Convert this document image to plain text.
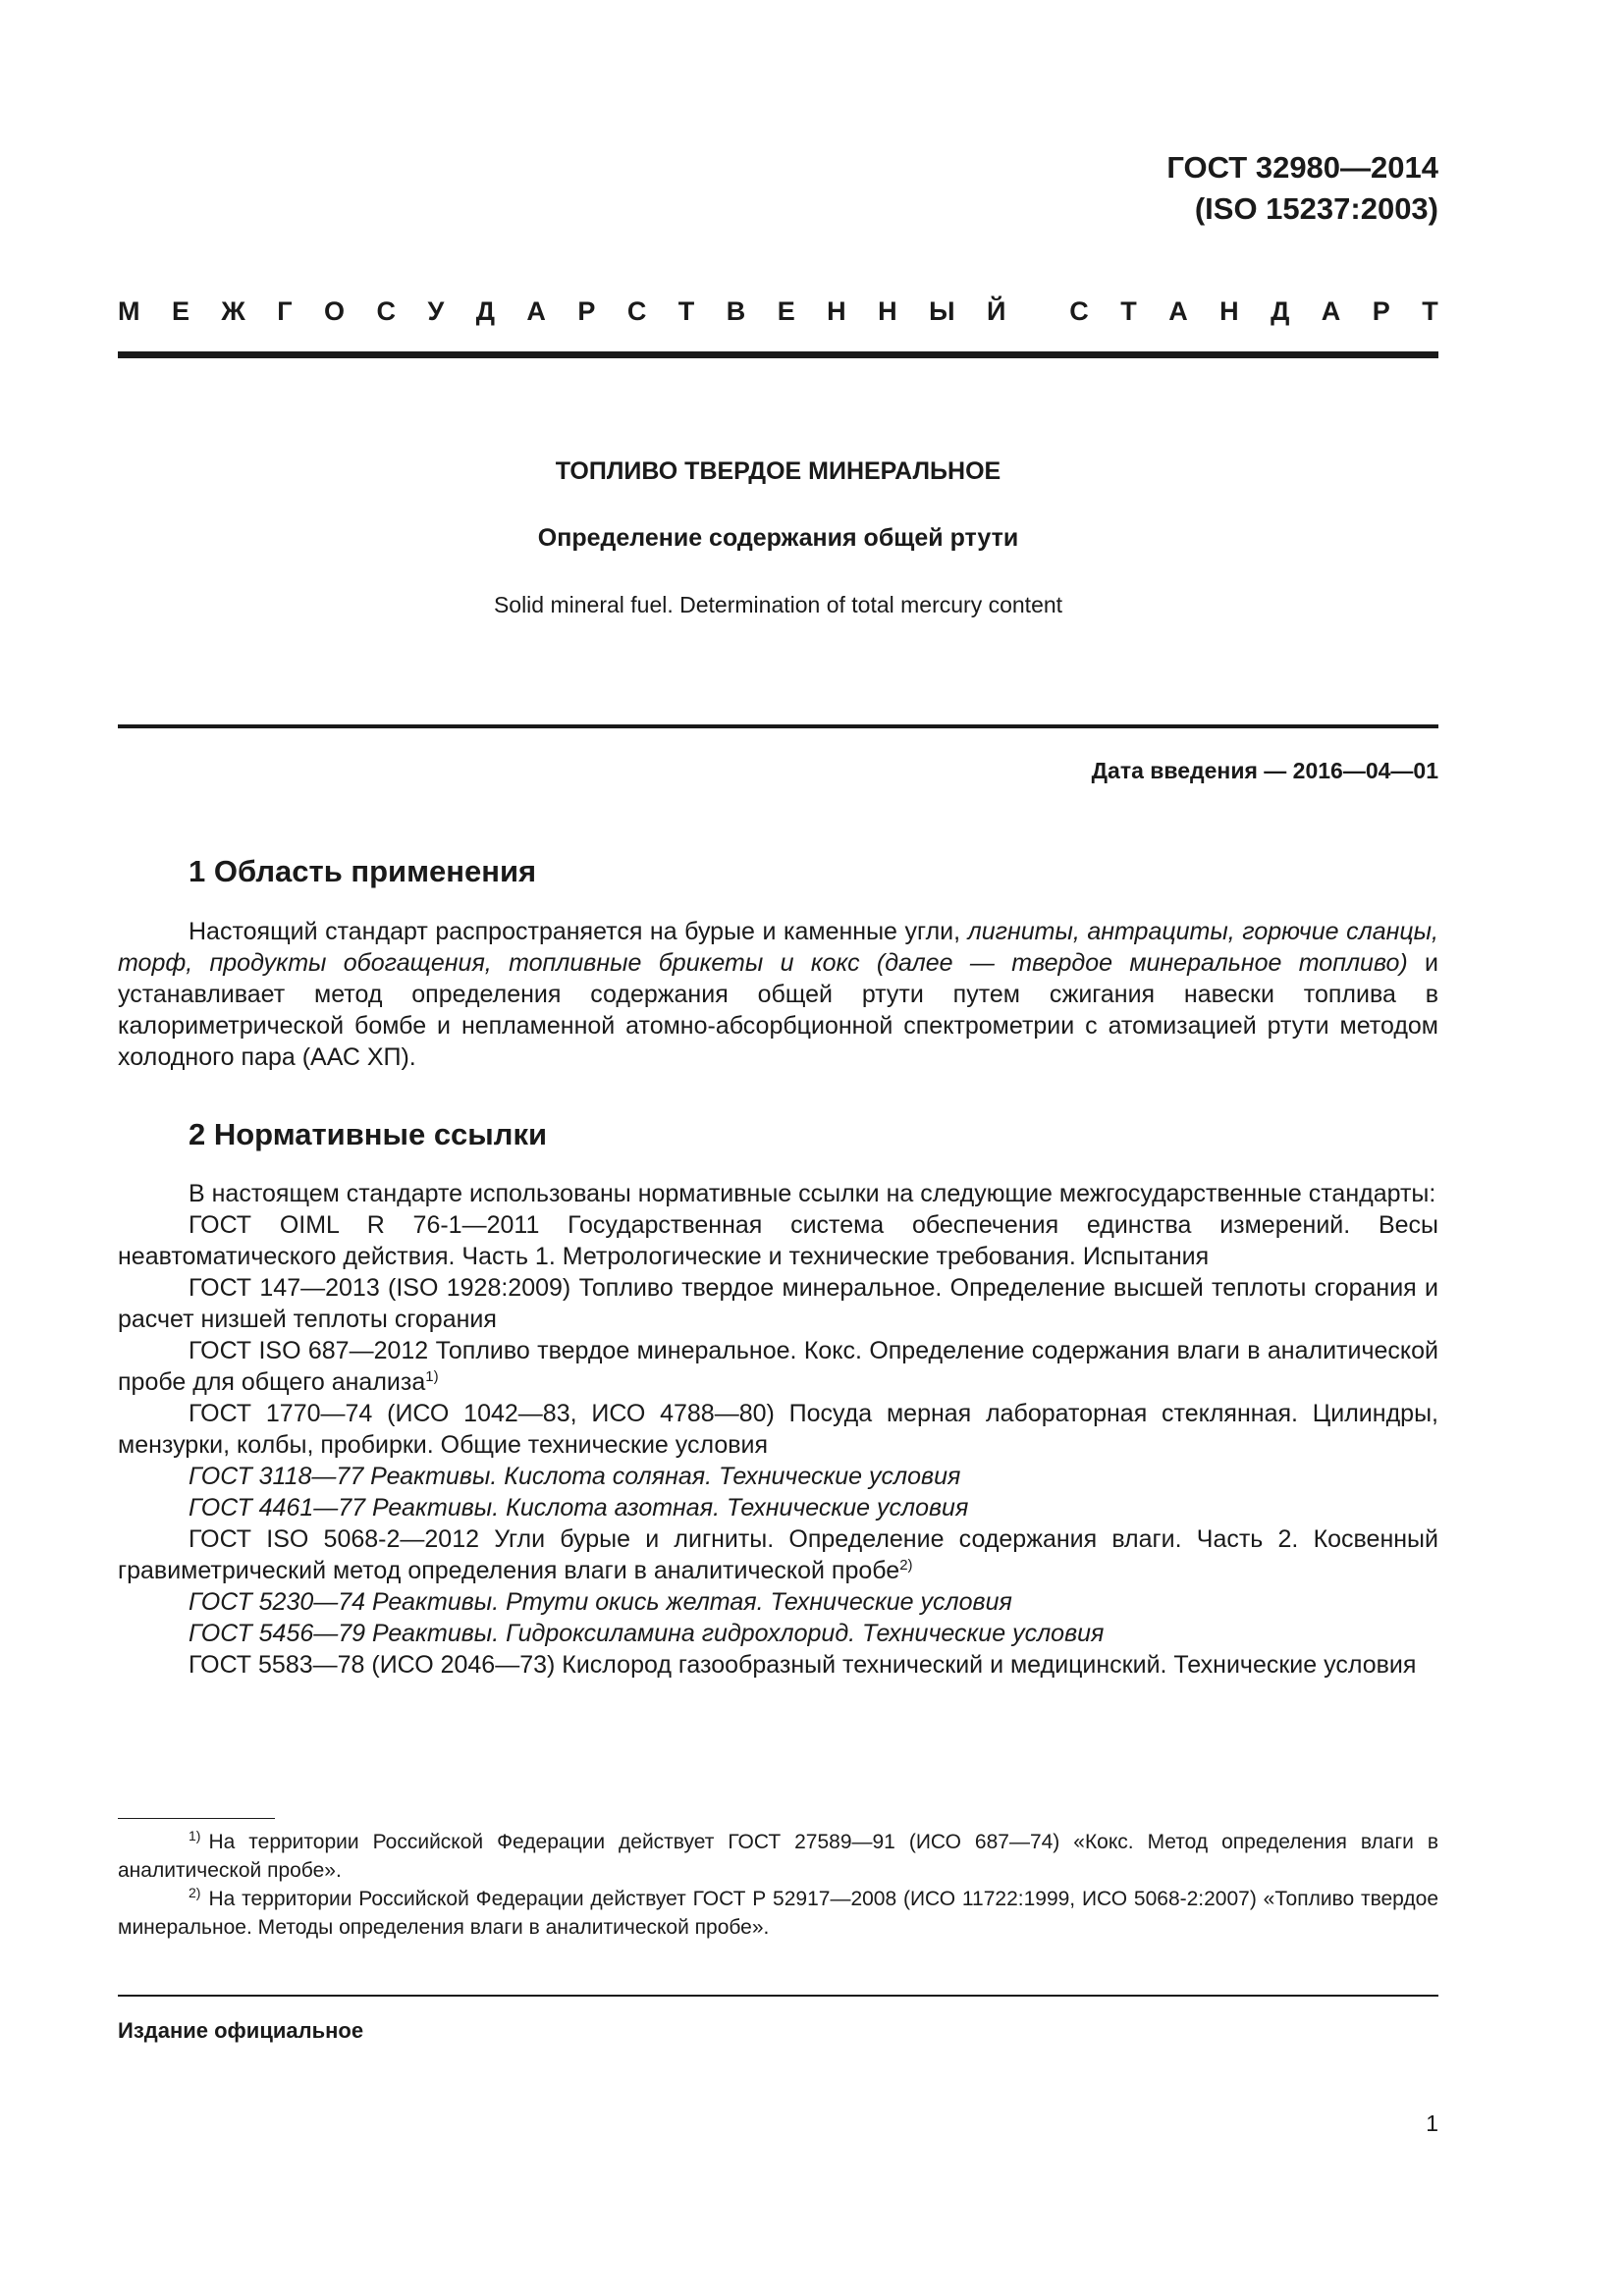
ГОСТ 32980—2014
(ISO 15237:2003)
М Е Ж Г О С У Д А Р С Т В Е Н Н Ы Й С Т А Н Д А Р Т
ТОПЛИВО ТВЕРДОЕ МИНЕРАЛЬНОЕ
Определение содержания общей ртути
Solid mineral fuel. Determination of total mercury content
Дата введения — 2016—04—01
1 Область применения

Настоящий стандарт распространяется на бурые и каменные угли, лигниты, антрациты, горючие сланцы, торф, продукты обогащения, топливные брикеты и кокс (далее — твердое минеральное топливо) и устанавливает метод определения содержания общей ртути путем сжигания навески топлива в калориметрической бомбе и непламенной атомно-абсорбционной спектрометрии с атомизацией ртути методом холодного пара (ААС ХП).

2 Нормативные ссылки

В настоящем стандарте использованы нормативные ссылки на следующие межгосударственные стандарты:

ГОСТ OIML R 76-1—2011 Государственная система обеспечения единства измерений. Весы неавтоматического действия. Часть 1. Метрологические и технические требования. Испытания

ГОСТ 147—2013 (ISO 1928:2009) Топливо твердое минеральное. Определение высшей теплоты сгорания и расчет низшей теплоты сгорания

ГОСТ ISO 687—2012 Топливо твердое минеральное. Кокс. Определение содержания влаги в аналитической пробе для общего анализа$^{1)}$

ГОСТ 1770—74 (ИСО 1042—83, ИСО 4788—80) Посуда мерная лабораторная стеклянная. Цилиндры, мензурки, колбы, пробирки. Общие технические условия

ГОСТ 3118—77 Реактивы. Кислота соляная. Технические условия

ГОСТ 4461—77 Реактивы. Кислота азотная. Технические условия

ГОСТ ISO 5068-2—2012 Угли бурые и лигниты. Определение содержания влаги. Часть 2. Косвенный гравиметрический метод определения влаги в аналитической пробе$^{2)}$

ГОСТ 5230—74 Реактивы. Ртути окись желтая. Технические условия

ГОСТ 5456—79 Реактивы. Гидроксиламина гидрохлорид. Технические условия

ГОСТ 5583—78 (ИСО 2046—73) Кислород газообразный технический и медицинский. Технические условия

$^{1)}$ На территории Российской Федерации действует ГОСТ 27589—91 (ИСО 687—74) «Кокс. Метод определения влаги в аналитической пробе».

$^{2)}$ На территории Российской Федерации действует ГОСТ Р 52917—2008 (ИСО 11722:1999, ИСО 5068-2:2007) «Топливо твердое минеральное. Методы определения влаги в аналитической пробе».

Издание официальное
1
